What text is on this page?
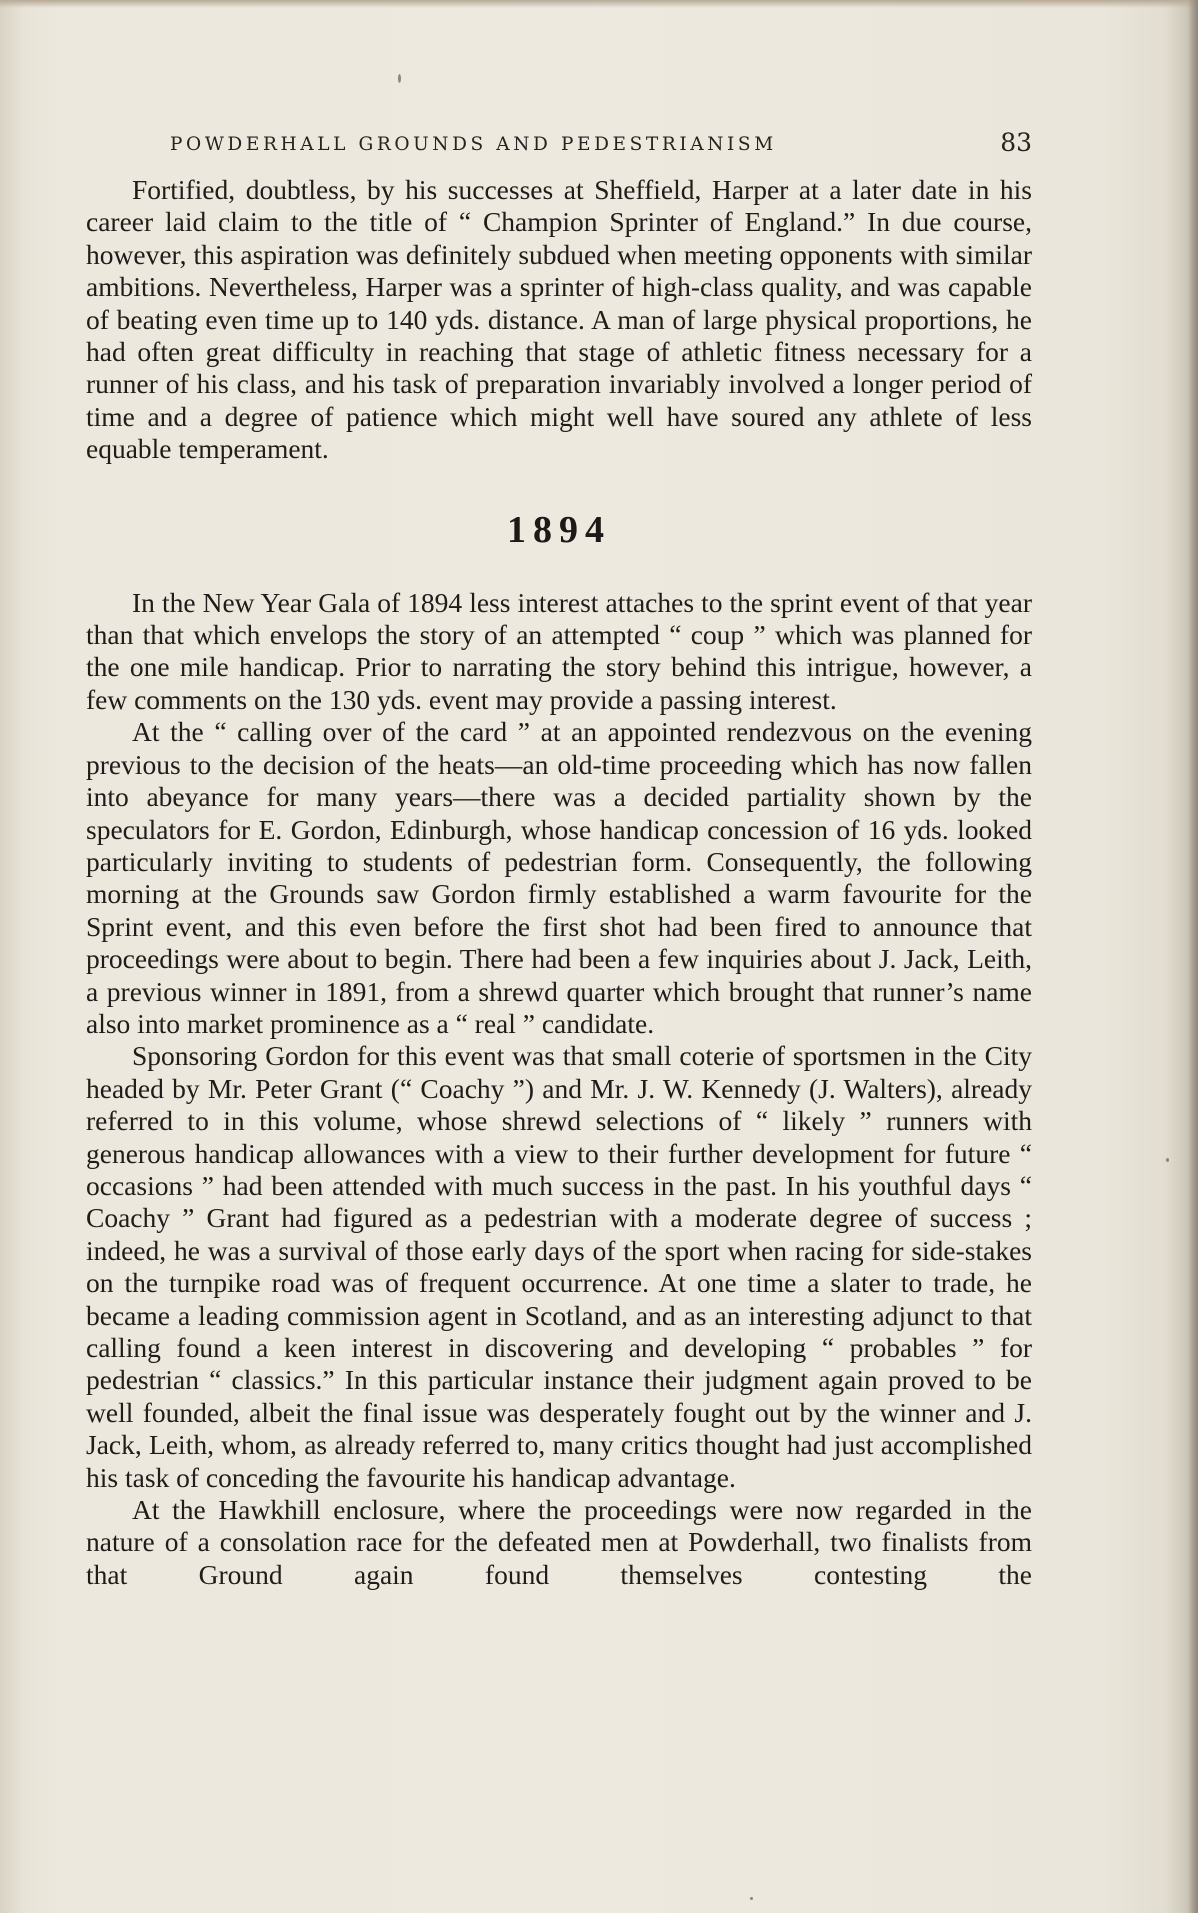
POWDERHALL GROUNDS AND PEDESTRIANISM	83

Fortified, doubtless, by his successes at Sheffield, Harper at a later date in his career laid claim to the title of “ Champion Sprinter of England.” In due course, however, this aspiration was definitely subdued when meeting opponents with similar ambitions. Nevertheless, Harper was a sprinter of high-class quality, and was capable of beating even time up to 140 yds. distance. A man of large physical proportions, he had often great difficulty in reaching that stage of athletic fitness necessary for a runner of his class, and his task of preparation invariably involved a longer period of time and a degree of patience which might well have soured any athlete of less equable temperament.

1894

In the New Year Gala of 1894 less interest attaches to the sprint event of that year than that which envelops the story of an attempted “ coup ” which was planned for the one mile handicap. Prior to narrating the story behind this intrigue, however, a few comments on the 130 yds. event may provide a passing interest.

At the “ calling over of the card ” at an appointed rendezvous on the evening previous to the decision of the heats—an old-time proceeding which has now fallen into abeyance for many years—there was a decided partiality shown by the speculators for E. Gordon, Edinburgh, whose handicap concession of 16 yds. looked particularly inviting to students of pedestrian form. Consequently, the following morning at the Grounds saw Gordon firmly established a warm favourite for the Sprint event, and this even before the first shot had been fired to announce that proceedings were about to begin. There had been a few inquiries about J. Jack, Leith, a previous winner in 1891, from a shrewd quarter which brought that runner’s name also into market prominence as a “ real ” candidate.

Sponsoring Gordon for this event was that small coterie of sportsmen in the City headed by Mr. Peter Grant (“ Coachy ”) and Mr. J. W. Kennedy (J. Walters), already referred to in this volume, whose shrewd selections of “ likely ” runners with generous handicap allowances with a view to their further development for future “ occasions ” had been attended with much success in the past. In his youthful days “ Coachy ” Grant had figured as a pedestrian with a moderate degree of success ; indeed, he was a survival of those early days of the sport when racing for side-stakes on the turnpike road was of frequent occurrence. At one time a slater to trade, he became a leading commission agent in Scotland, and as an interesting adjunct to that calling found a keen interest in discovering and developing “ probables ” for pedestrian “ classics.” In this particular instance their judgment again proved to be well founded, albeit the final issue was desperately fought out by the winner and J. Jack, Leith, whom, as already referred to, many critics thought had just accomplished his task of conceding the favourite his handicap advantage.

At the Hawkhill enclosure, where the proceedings were now regarded in the nature of a consolation race for the defeated men at Powderhall, two finalists from that Ground again found themselves contesting the
